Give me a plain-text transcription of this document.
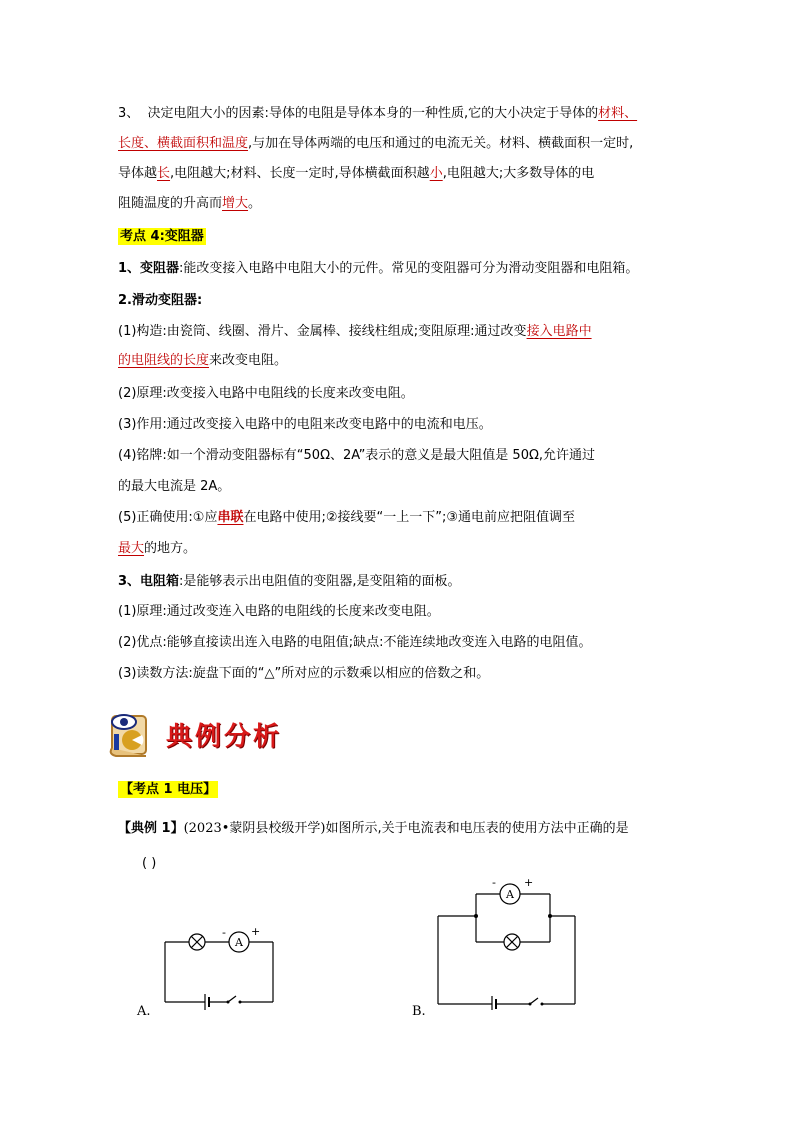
3、 决定电阻大小的因素:导体的电阻是导体本身的一种性质,它的大小决定于导体的材料、
长度、横截面积和温度,与加在导体两端的电压和通过的电流无关。材料、横截面积一定时,
导体越长,电阻越大;材料、长度一定时,导体横截面积越小,电阻越大;大多数导体的电
阻随温度的升高而增大。
考点 4:变阻器
1、变阻器:能改变接入电路中电阻大小的元件。常见的变阻器可分为滑动变阻器和电阻箱。
2.滑动变阻器:
(1)构造:由瓷筒、线圈、滑片、金属棒、接线柱组成;变阻原理:通过改变接入电路中
的电阻线的长度来改变电阻。
(2)原理:改变接入电路中电阻线的长度来改变电阻。
(3)作用:通过改变接入电路中的电阻来改变电路中的电流和电压。
(4)铭牌:如一个滑动变阻器标有“50Ω、2A”表示的意义是最大阻值是 50Ω,允许通过
的最大电流是 2A。
(5)正确使用:①应串联在电路中使用;②接线要“一上一下”;③通电前应把阻值调至
最大的地方。
3、电阻箱:是能够表示出电阻值的变阻器,是变阻箱的面板。
(1)原理:通过改变连入电路的电阻线的长度来改变电阻。
(2)优点:能够直接读出连入电路的电阻值;缺点:不能连续地改变连入电路的电阻值。
(3)读数方法:旋盘下面的“△”所对应的示数乘以相应的倍数之和。
典例分析
【考点 1 电压】
【典例 1】(2023•蒙阴县校级开学)如图所示,关于电流表和电压表的使用方法中正确的是
( )
A.
A
- +
B.
A
-	+
